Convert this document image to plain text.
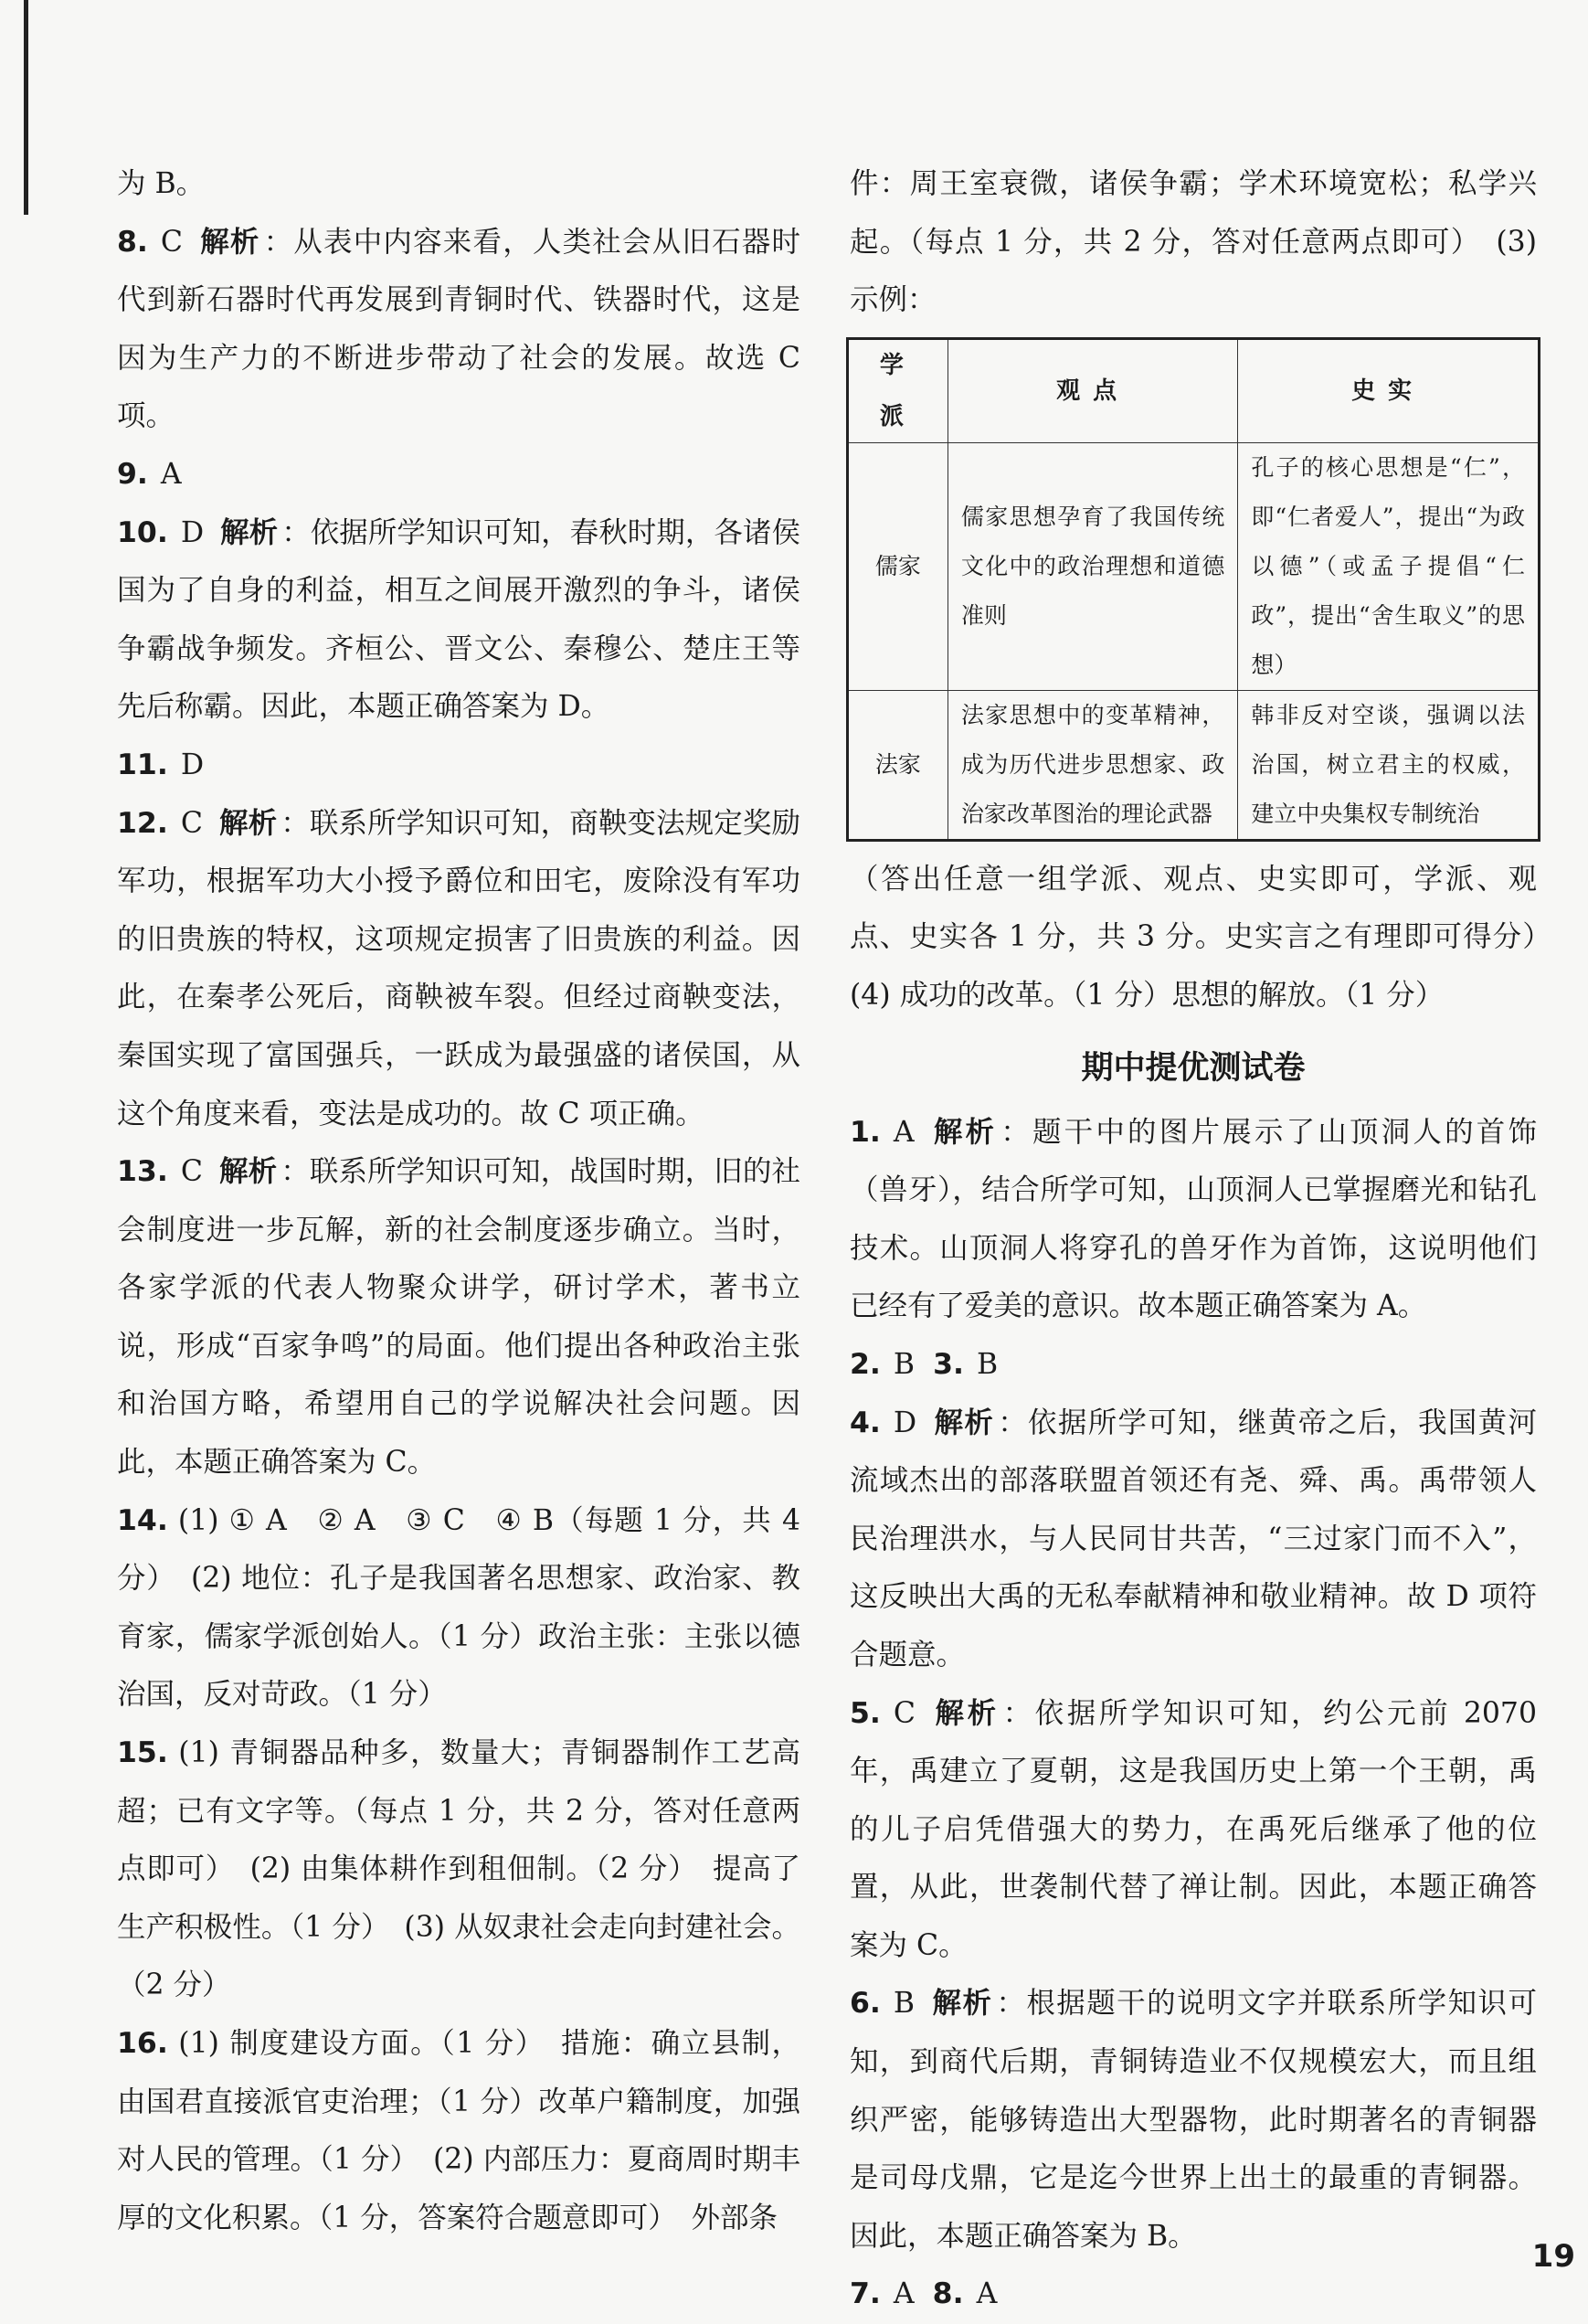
为 B。

8. C 解析 ：从表中内容来看，人类社会从旧石器时代到新石器时代再发展到青铜时代、铁器时代，这是因为生产力的不断进步带动了社会的发展。故选 C 项。

9. A

10. D 解析 ：依据所学知识可知，春秋时期，各诸侯国为了自身的利益，相互之间展开激烈的争斗，诸侯争霸战争频发。齐桓公、晋文公、秦穆公、楚庄王等先后称霸。因此，本题正确答案为 D。

11. D

12. C 解析 ：联系所学知识可知，商鞅变法规定奖励军功，根据军功大小授予爵位和田宅，废除没有军功的旧贵族的特权，这项规定损害了旧贵族的利益。因此，在秦孝公死后，商鞅被车裂。但经过商鞅变法，秦国实现了富国强兵，一跃成为最强盛的诸侯国，从这个角度来看，变法是成功的。故 C 项正确。

13. C 解析 ：联系所学知识可知，战国时期，旧的社会制度进一步瓦解，新的社会制度逐步确立。当时，各家学派的代表人物聚众讲学，研讨学术，著书立说，形成“百家争鸣”的局面。他们提出各种政治主张和治国方略，希望用自己的学说解决社会问题。因此，本题正确答案为 C。

14. (1) ① A　② A　③ C　④ B（每题 1 分，共 4 分）　(2) 地位：孔子是我国著名思想家、政治家、教育家，儒家学派创始人。（1 分）政治主张：主张以德治国，反对苛政。（1 分）

15. (1) 青铜器品种多，数量大；青铜器制作工艺高超；已有文字等。（每点 1 分，共 2 分，答对任意两点即可）　(2) 由集体耕作到租佃制。（2 分）　提高了生产积极性。（1 分）　(3) 从奴隶社会走向封建社会。（2 分）

16. (1) 制度建设方面。（1 分）　措施：确立县制，由国君直接派官吏治理；（1 分）改革户籍制度，加强对人民的管理。（1 分）　(2) 内部压力：夏商周时期丰厚的文化积累。（1 分，答案符合题意即可）　外部条

件：周王室衰微，诸侯争霸；学术环境宽松；私学兴起。（每点 1 分，共 2 分，答对任意两点即可）　(3) 示例：

学派	观点	史实
儒家	儒家思想孕育了我国传统文化中的政治理想和道德准则	孔子的核心思想是“仁”，即“仁者爱人”，提出“为政以德”（或孟子提倡“仁政”，提出“舍生取义”的思想）
法家	法家思想中的变革精神，成为历代进步思想家、政治家改革图治的理论武器	韩非反对空谈，强调以法治国，树立君主的权威，建立中央集权专制统治

（答出任意一组学派、观点、史实即可，学派、观点、史实各 1 分，共 3 分。史实言之有理即可得分）　(4) 成功的改革。（1 分）思想的解放。（1 分）

期中提优测试卷

1. A 解析 ：题干中的图片展示了山顶洞人的首饰（兽牙），结合所学可知，山顶洞人已掌握磨光和钻孔技术。山顶洞人将穿孔的兽牙作为首饰，这说明他们已经有了爱美的意识。故本题正确答案为 A。

2. B 3. B

4. D 解析 ：依据所学可知，继黄帝之后，我国黄河流域杰出的部落联盟首领还有尧、舜、禹。禹带领人民治理洪水，与人民同甘共苦，“三过家门而不入”，这反映出大禹的无私奉献精神和敬业精神。故 D 项符合题意。

5. C 解析 ：依据所学知识可知，约公元前 2070 年，禹建立了夏朝，这是我国历史上第一个王朝，禹的儿子启凭借强大的势力，在禹死后继承了他的位置，从此，世袭制代替了禅让制。因此，本题正确答案为 C。

6. B 解析 ：根据题干的说明文字并联系所学知识可知，到商代后期，青铜铸造业不仅规模宏大，而且组织严密，能够铸造出大型器物，此时期著名的青铜器是司母戊鼎，它是迄今世界上出土的最重的青铜器。因此，本题正确答案为 B。

7. A 8. A

19
